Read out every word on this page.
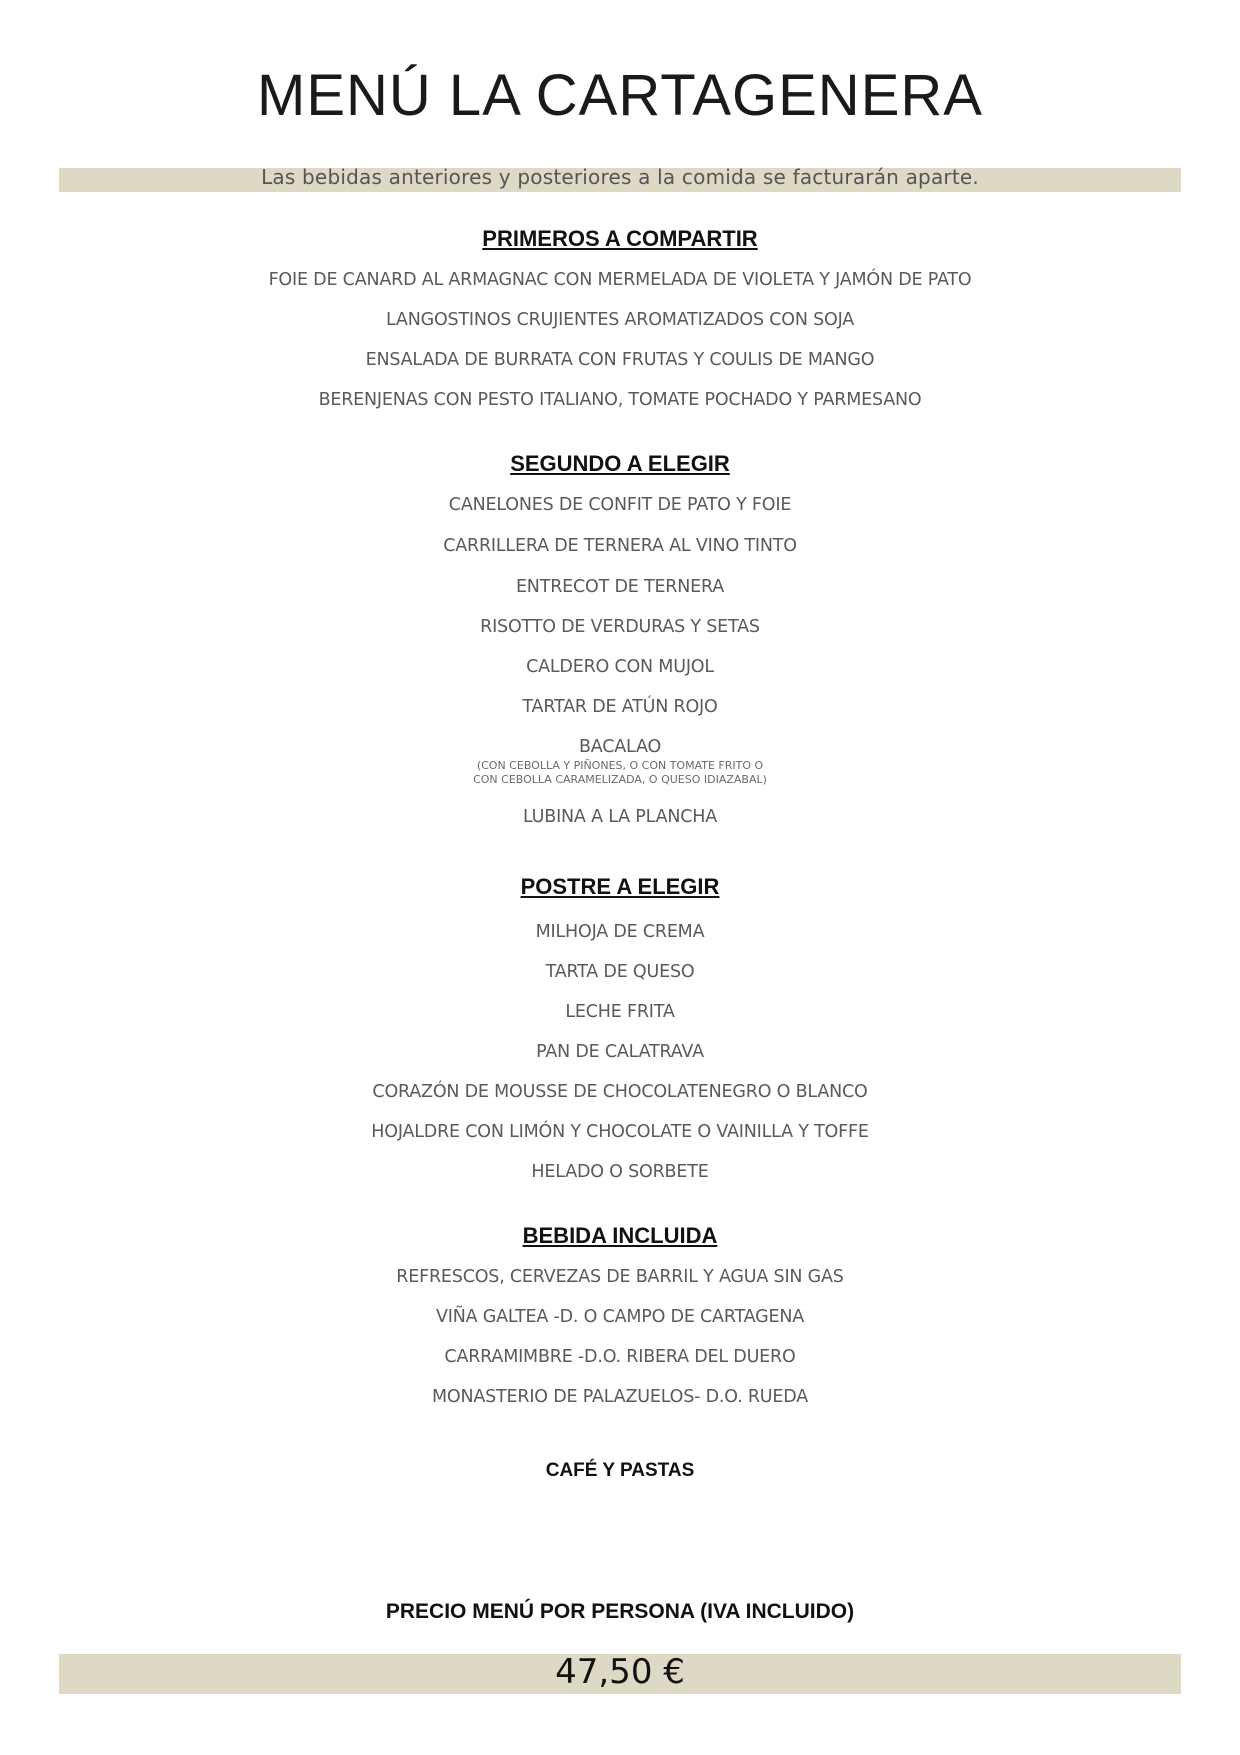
MENÚ LA CARTAGENERA
Las bebidas anteriores y posteriores a la comida se facturarán aparte.
PRIMEROS A COMPARTIR
FOIE DE CANARD AL ARMAGNAC CON MERMELADA DE VIOLETA Y JAMÓN DE PATO
LANGOSTINOS CRUJIENTES AROMATIZADOS CON SOJA
ENSALADA DE BURRATA CON FRUTAS Y COULIS DE MANGO
BERENJENAS CON PESTO ITALIANO, TOMATE POCHADO Y PARMESANO
SEGUNDO A ELEGIR
CANELONES DE CONFIT DE PATO Y FOIE
CARRILLERA DE TERNERA AL VINO TINTO
ENTRECOT DE TERNERA
RISOTTO DE VERDURAS Y SETAS
CALDERO CON MUJOL
TARTAR DE ATÚN ROJO
BACALAO
(CON CEBOLLA Y PIÑONES, O CON TOMATE FRITO O
CON CEBOLLA CARAMELIZADA, O QUESO IDIAZABAL)
LUBINA A LA PLANCHA
POSTRE A ELEGIR
MILHOJA DE CREMA
TARTA DE QUESO
LECHE FRITA
PAN DE CALATRAVA
CORAZÓN DE MOUSSE DE CHOCOLATENEGRO O BLANCO
HOJALDRE CON LIMÓN Y CHOCOLATE O VAINILLA Y TOFFE
HELADO O SORBETE
BEBIDA INCLUIDA
REFRESCOS, CERVEZAS DE BARRIL Y AGUA SIN GAS
VIÑA GALTEA -D. O CAMPO DE CARTAGENA
CARRAMIMBRE -D.O. RIBERA DEL DUERO
MONASTERIO DE PALAZUELOS- D.O. RUEDA
CAFÉ Y PASTAS
PRECIO MENÚ POR PERSONA (IVA INCLUIDO)
47,50 €
